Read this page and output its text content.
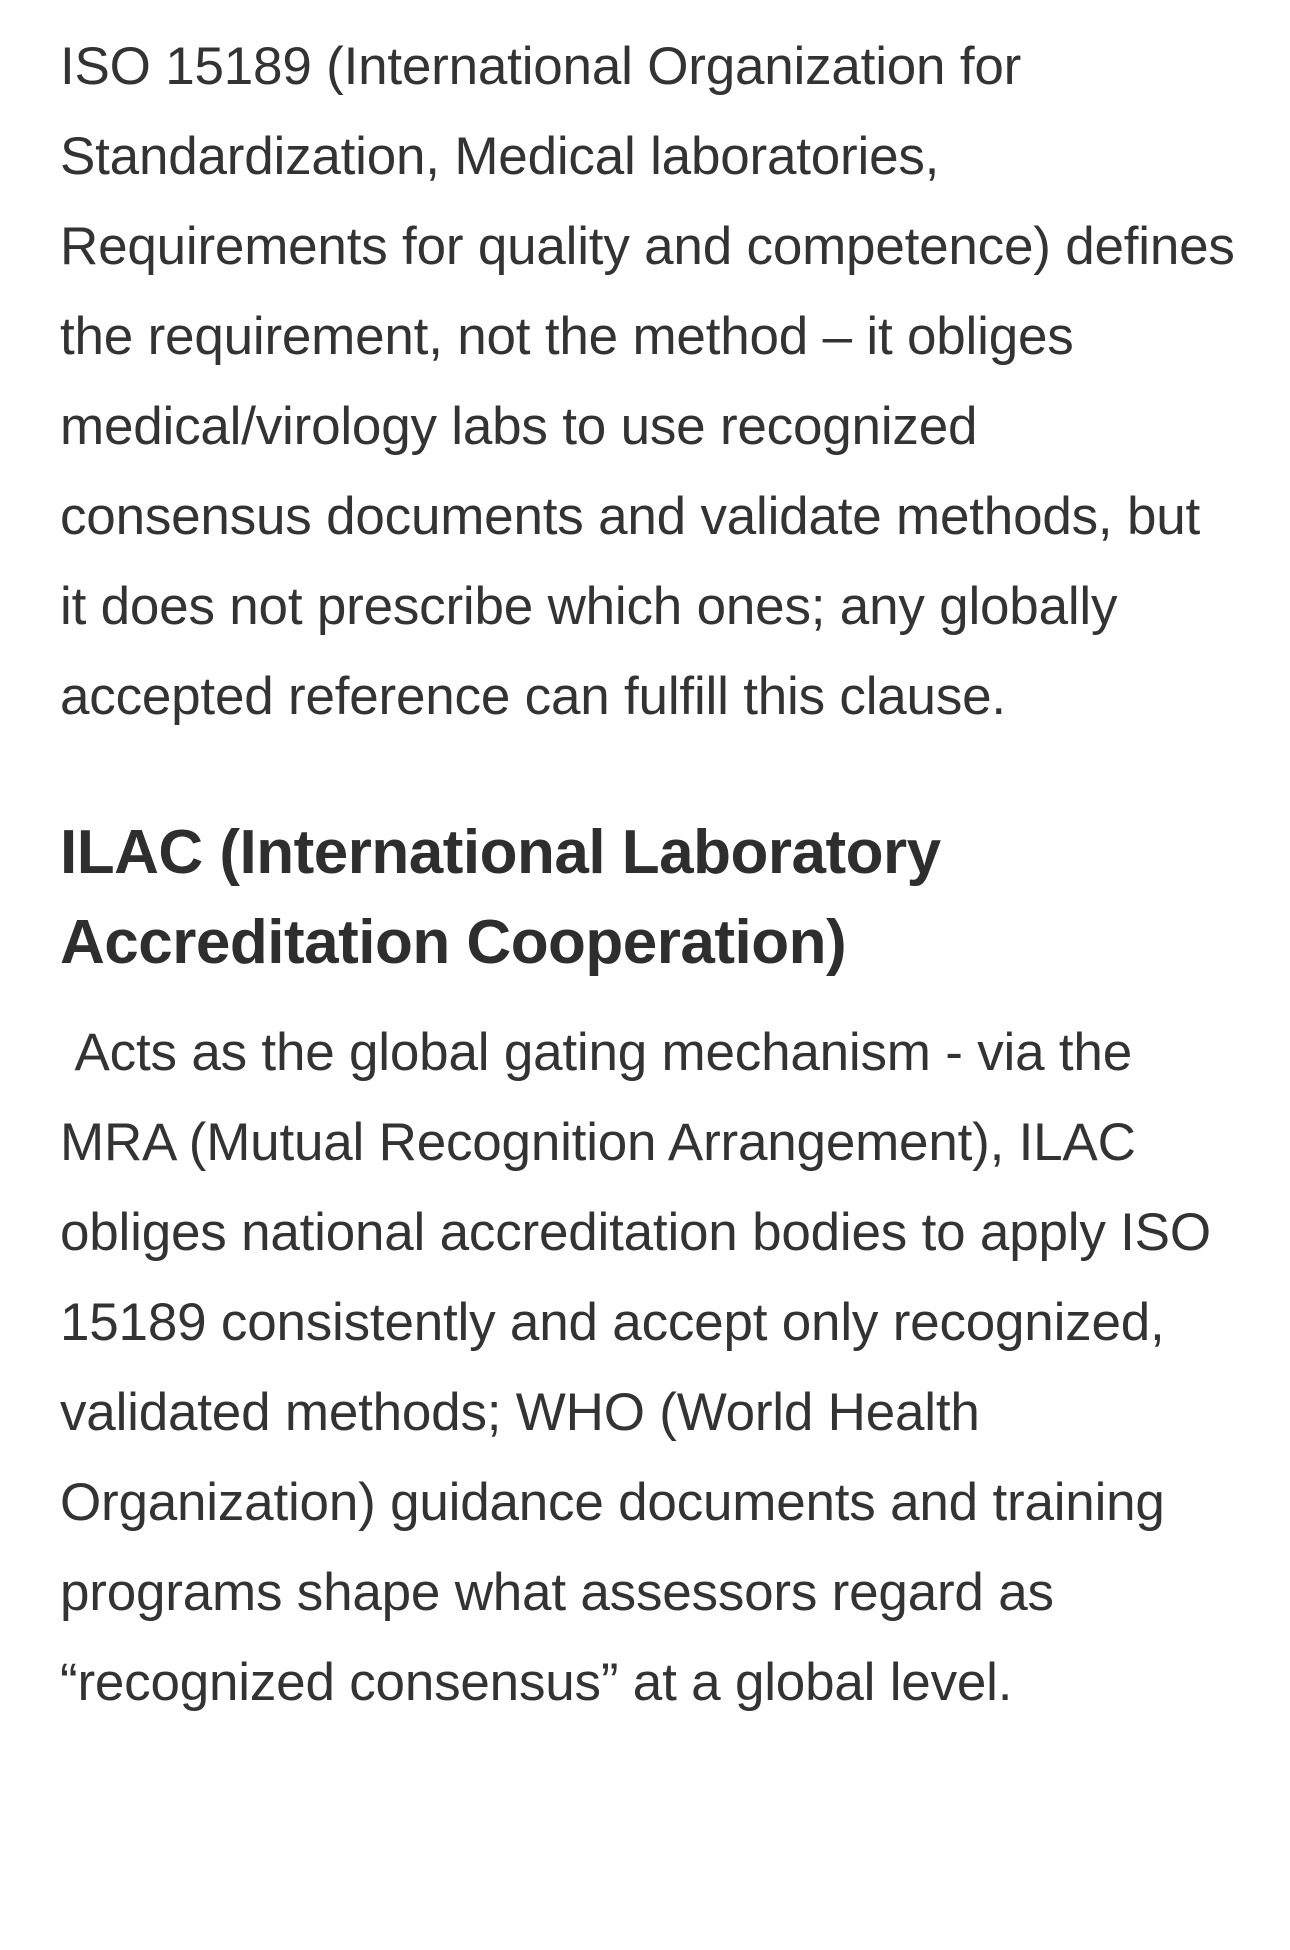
ISO 15189 (International Organization for Standardization, Medical laboratories, Requirements for quality and competence) defines the requirement, not the method – it obliges medical/virology labs to use recognized consensus documents and validate methods, but it does not prescribe which ones; any globally accepted reference can fulfill this clause.

ILAC (International Laboratory Accreditation Cooperation)

Acts as the global gating mechanism - via the MRA (Mutual Recognition Arrangement), ILAC obliges national accreditation bodies to apply ISO 15189 consistently and accept only recognized, validated methods; WHO (World Health Organization) guidance documents and training programs shape what assessors regard as “recognized consensus” at a global level.
